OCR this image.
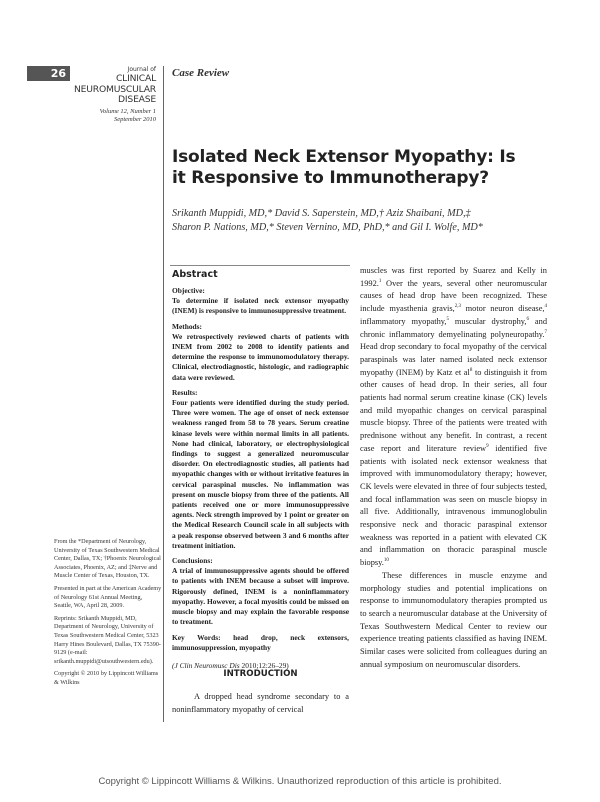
26	Journal of
CLINICAL
NEUROMUSCULAR
DISEASE
Volume 12, Number 1
September 2010
Case Review
Isolated Neck Extensor Myopathy: Is it Responsive to Immunotherapy?
Srikanth Muppidi, MD,* David S. Saperstein, MD,† Aziz Shaibani, MD,‡
Sharon P. Nations, MD,* Steven Vernino, MD, PhD,* and Gil I. Wolfe, MD*
Abstract
Objective:

To determine if isolated neck extensor myopathy (INEM) is responsive to immunosuppressive treatment.

Methods:

We retrospectively reviewed charts of patients with INEM from 2002 to 2008 to identify patients and determine the response to immunomodulatory therapy. Clinical, electrodiagnostic, histologic, and radiographic data were reviewed.

Results:

Four patients were identified during the study period. Three were women. The age of onset of neck extensor weakness ranged from 58 to 78 years. Serum creatine kinase levels were within normal limits in all patients. None had clinical, laboratory, or electrophysiological findings to suggest a generalized neuromuscular disorder. On electrodiagnostic studies, all patients had myopathic changes with or without irritative features in cervical paraspinal muscles. No inflammation was present on muscle biopsy from three of the patients. All patients received one or more immunosuppressive agents. Neck strength improved by 1 point or greater on the Medical Research Council scale in all subjects with a peak response observed between 3 and 6 months after treatment initiation.

Conclusions:

A trial of immunosuppressive agents should be offered to patients with INEM because a subset will improve. Rigorously defined, INEM is a noninflammatory myopathy. However, a focal myositis could be missed on muscle biopsy and may explain the favorable response to treatment.

Key Words: head drop, neck extensors, immunosuppression, myopathy

(J Clin Neuromusc Dis 2010;12:26–29)
INTRODUCTION

A dropped head syndrome secondary to a noninflammatory myopathy of cervical

muscles was first reported by Suarez and Kelly in 1992.$^1$ Over the years, several other neuromuscular causes of head drop have been recognized. These include myasthenia gravis,$^{2,3}$ motor neuron disease,$^4$ inflammatory myopathy,$^5$ muscular dystrophy,$^6$ and chronic inflammatory demyelinating polyneuropathy.$^7$ Head drop secondary to focal myopathy of the cervical paraspinals was later named isolated neck extensor myopathy (INEM) by Katz et $al^8$ to distinguish it from other causes of head drop. In their series, all four patients had normal serum creatine kinase (CK) levels and mild myopathic changes on cervical paraspinal muscle biopsy. Three of the patients were treated with prednisone without any benefit. In contrast, a recent case report and literature review$^9$ identified five patients with isolated neck extensor weakness that improved with immunomodulatory therapy; however, CK levels were elevated in three of four subjects tested, and focal inflammation was seen on muscle biopsy in all five. Additionally, intravenous immunoglobulin responsive neck and thoracic paraspinal extensor weakness was reported in a patient with elevated CK and inflammation on thoracic paraspinal muscle biopsy.$^{10}$

These differences in muscle enzyme and morphology studies and potential implications on response to immunomodulatory therapies prompted us to search a neuromuscular database at the University of Texas Southwestern Medical Center to review our experience treating patients classified as having INEM. Similar cases were solicited from colleagues during an annual symposium on neuromuscular disorders.

From the *Department of Neurology, University of Texas Southwestern Medical Center, Dallas, TX; †Phoenix Neurological Associates, Phoenix, AZ; and ‡Nerve and Muscle Center of Texas, Houston, TX.

Presented in part at the American Academy of Neurology 61st Annual Meeting, Seattle, WA, April 28, 2009.

Reprints: Srikanth Muppidi, MD, Department of Neurology, University of Texas Southwestern Medical Center, 5323 Harry Hines Boulevard, Dallas, TX 75390-9129 (e-mail: srikanth.muppidi@utsouthwestern.edu).

Copyright © 2010 by Lippincott Williams & Wilkins

Copyright © Lippincott Williams & Wilkins. Unauthorized reproduction of this article is prohibited.
